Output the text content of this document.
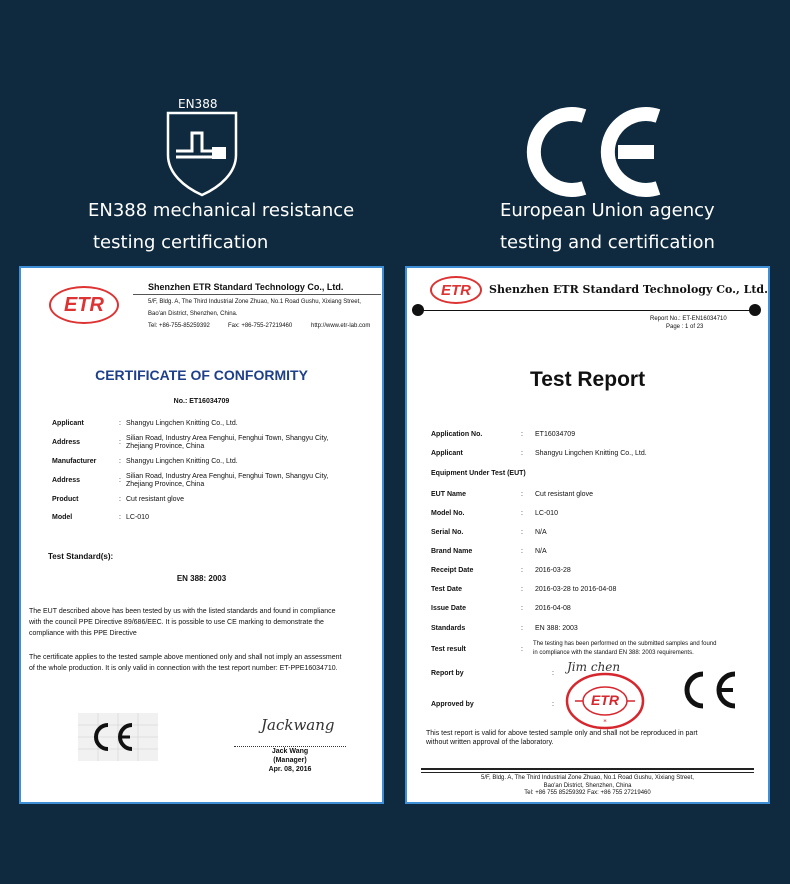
EN388
EN388 mechanical resistance
testing certification
European Union agency
testing and certification
ETR
Shenzhen ETR Standard Technology Co., Ltd.
5/F, Bldg. A, The Third Industrial Zone Zhuao, No.1 Road Gushu, Xixiang Street,
Bao'an District, Shenzhen, China.
Tel: +86-755-85259392	Fax: +86-755-27219460	http://www.etr-lab.com
CERTIFICATE OF CONFORMITY
No.: ET16034709
Applicant	: Shangyu Lingchen Knitting Co., Ltd.
Address	:
Silian Road, Industry Area Fenghui, Fenghui Town, Shangyu City,
Zhejiang Province, China
Manufacturer	: Shangyu Lingchen Knitting Co., Ltd.
Address	:
Silian Road, Industry Area Fenghui, Fenghui Town, Shangyu City,
Zhejiang Province, China
Product	: Cut resistant glove
Model	: LC-010
Test Standard(s):
EN 388: 2003
The EUT described above has been tested by us with the listed standards and found in compliance
with the council PPE Directive 89/686/EEC. It is possible to use CE marking to demonstrate the
compliance with this PPE Directive
The certificate applies to the tested sample above mentioned only and shall not imply an assessment
of the whole production. It is only valid in connection with the test report number: ET-PPE16034710.
Jackwang
Jack Wang
(Manager)
Apr. 08, 2016
ETR	Shenzhen ETR Standard Technology Co., Ltd.
Report No.: ET-EN16034710
Page : 1 of 23
Test Report
Application No.	: ET16034709
Applicant	: Shangyu Lingchen Knitting Co., Ltd.
Equipment Under Test (EUT)
EUT Name	: Cut resistant glove
Model No.	: LC-010
Serial No.	: N/A
Brand Name	: N/A
Receipt Date	: 2016-03-28
Test Date	: 2016-03-28 to 2016-04-08
Issue Date	: 2016-04-08
Standards	: EN 388: 2003
Test result	:
The testing has been performed on the submitted samples and found
in compliance with the standard EN 388: 2003 requirements.
Report by	: Jim chen
Approved by	:
*
ETR
This test report is valid for above tested sample only and shall not be reproduced in part
without written approval of the laboratory.
5/F, Bldg. A, The Third Industrial Zone Zhuao, No.1 Road Gushu, Xixiang Street,
Bao'an District, Shenzhen, China
Tel: +86 755 85259392 Fax: +86 755 27219460
